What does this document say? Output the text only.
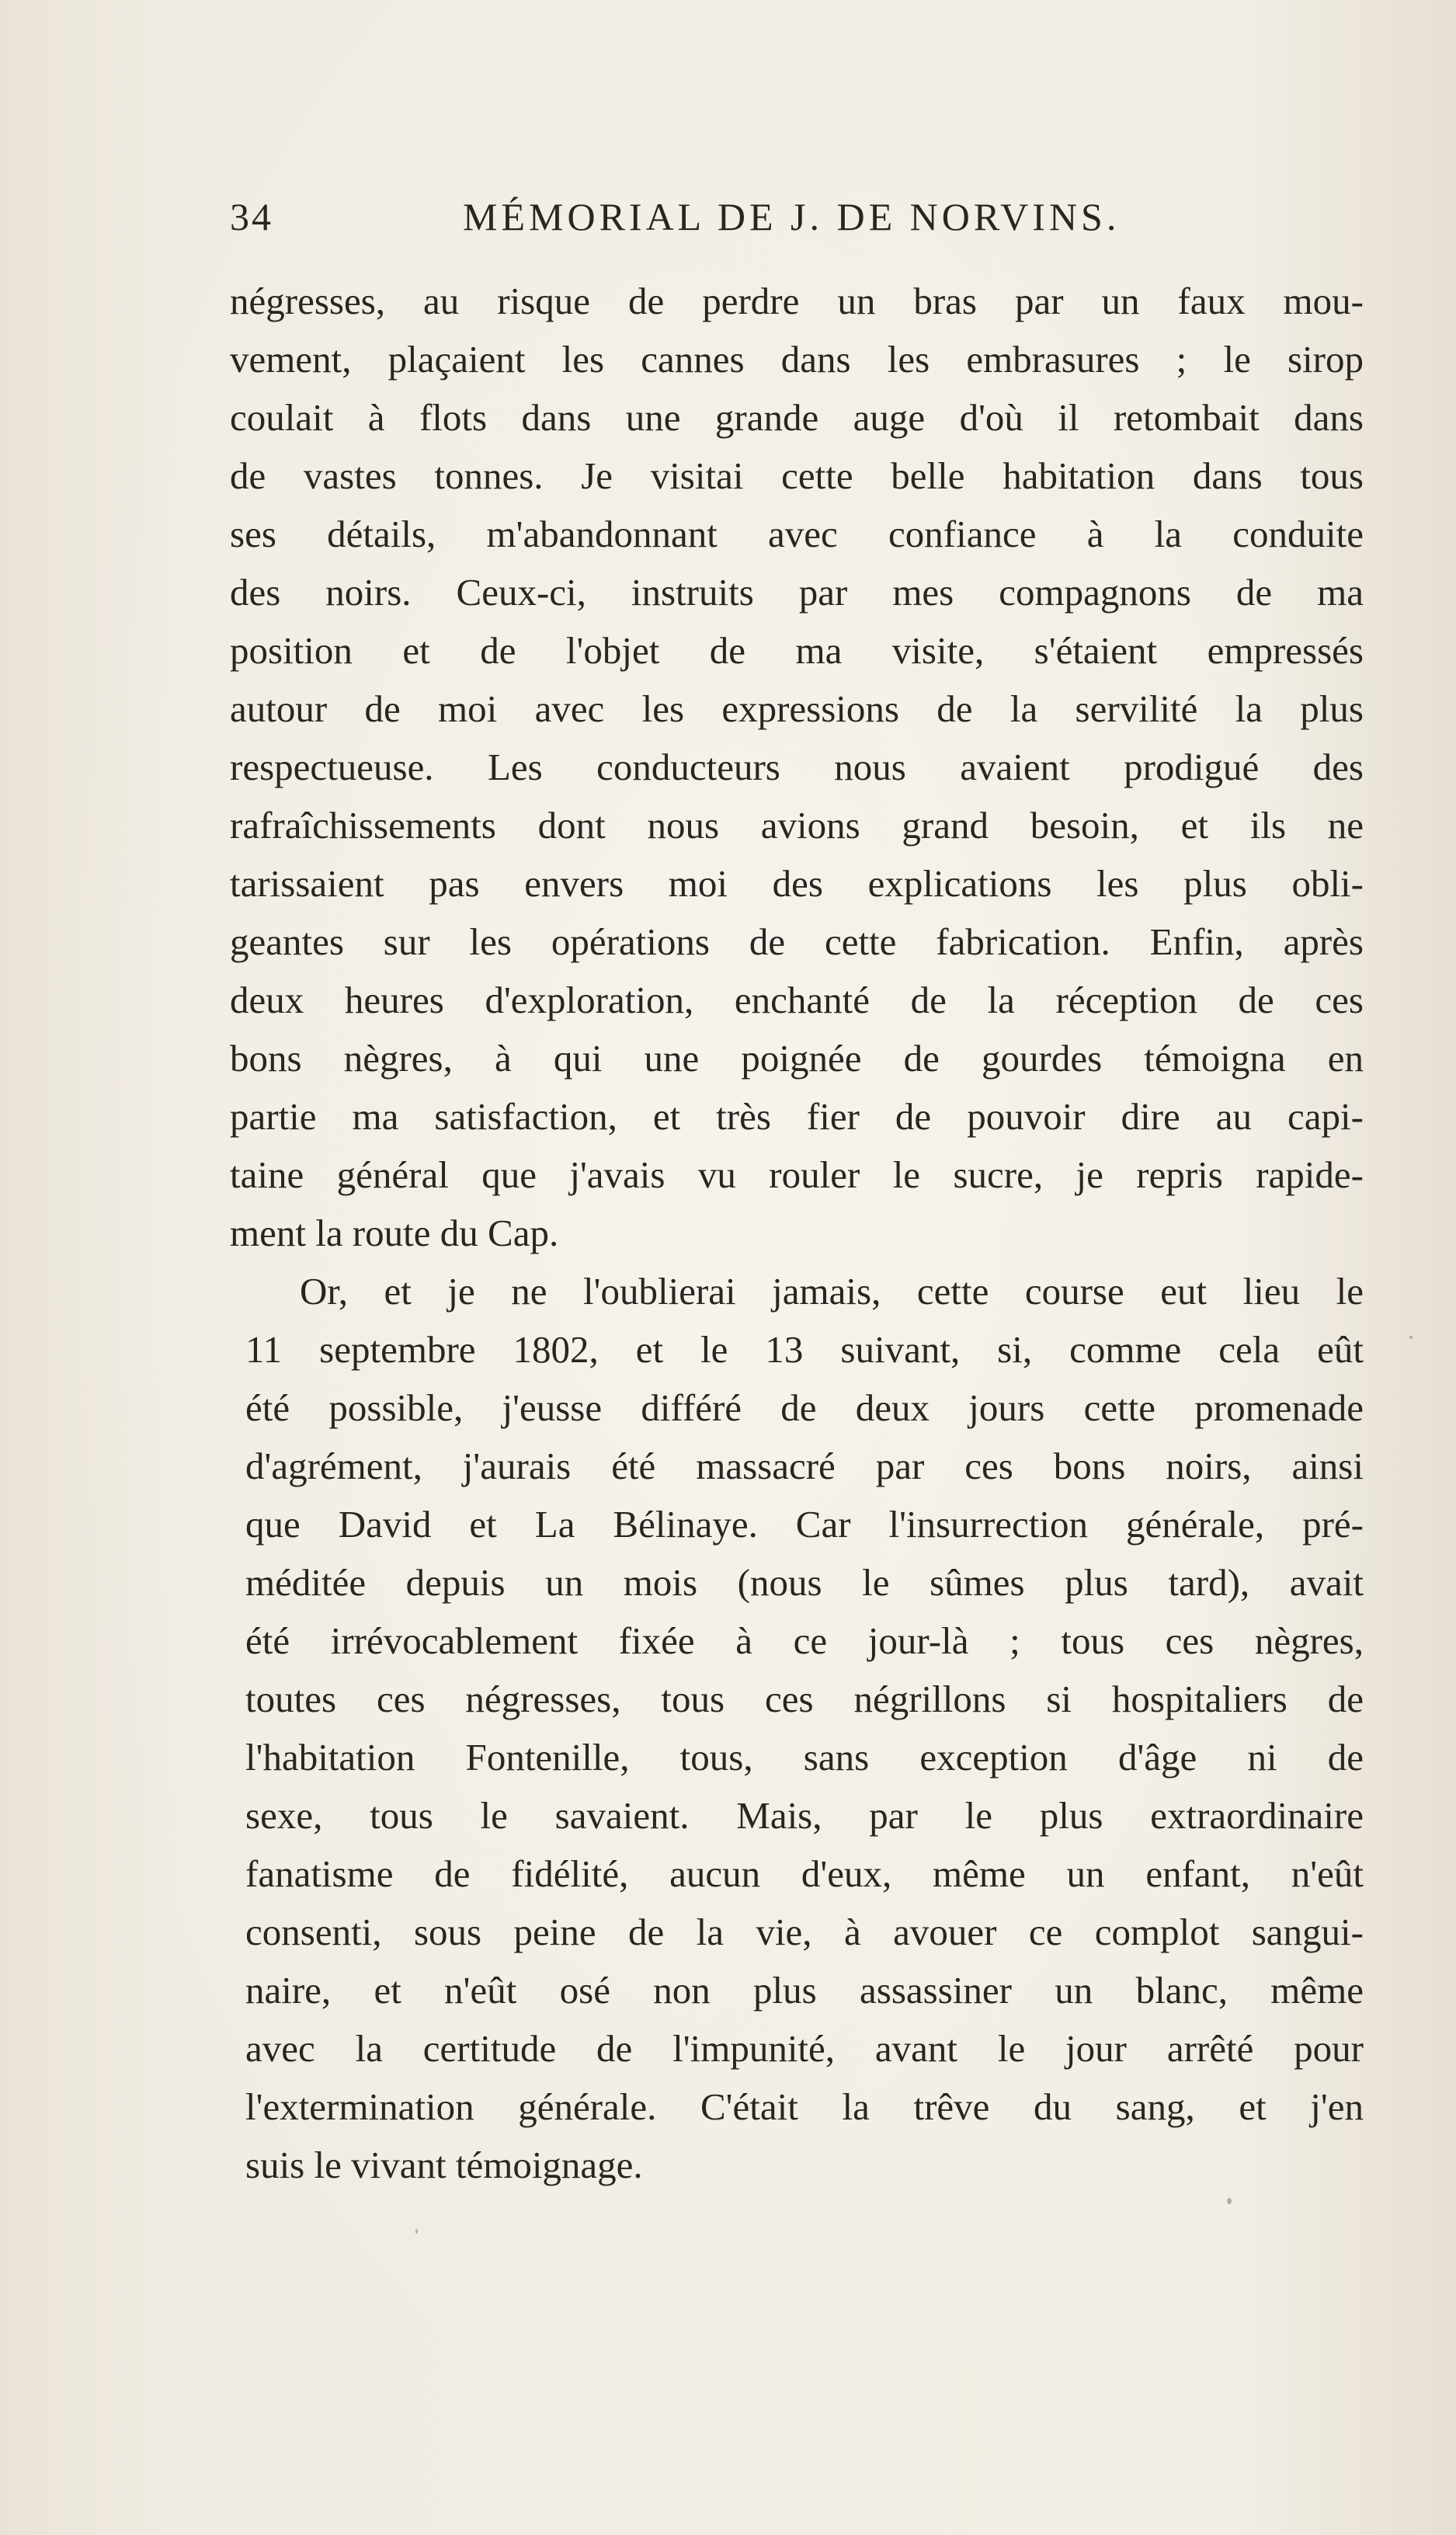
34	MÉMORIAL DE J. DE NORVINS.
négresses, au risque de perdre un bras par un faux mou-
vement, plaçaient les cannes dans les embrasures ; le sirop
coulait à flots dans une grande auge d'où il retombait dans
de vastes tonnes. Je visitai cette belle habitation dans tous
ses détails, m'abandonnant avec confiance à la conduite
des noirs. Ceux-ci, instruits par mes compagnons de ma
position et de l'objet de ma visite, s'étaient empressés
autour de moi avec les expressions de la servilité la plus
respectueuse. Les conducteurs nous avaient prodigué des
rafraîchissements dont nous avions grand besoin, et ils ne
tarissaient pas envers moi des explications les plus obli-
geantes sur les opérations de cette fabrication. Enfin, après
deux heures d'exploration, enchanté de la réception de ces
bons nègres, à qui une poignée de gourdes témoigna en
partie ma satisfaction, et très fier de pouvoir dire au capi-
taine général que j'avais vu rouler le sucre, je repris rapide-
ment la route du Cap.
Or, et je ne l'oublierai jamais, cette course eut lieu le
11 septembre 1802, et le 13 suivant, si, comme cela eût
été possible, j'eusse différé de deux jours cette promenade
d'agrément, j'aurais été massacré par ces bons noirs, ainsi
que David et La Bélinaye. Car l'insurrection générale, pré-
méditée depuis un mois (nous le sûmes plus tard), avait
été irrévocablement fixée à ce jour-là ; tous ces nègres,
toutes ces négresses, tous ces négrillons si hospitaliers de
l'habitation Fontenille, tous, sans exception d'âge ni de
sexe, tous le savaient. Mais, par le plus extraordinaire
fanatisme de fidélité, aucun d'eux, même un enfant, n'eût
consenti, sous peine de la vie, à avouer ce complot sangui-
naire, et n'eût osé non plus assassiner un blanc, même
avec la certitude de l'impunité, avant le jour arrêté pour
l'extermination générale. C'était la trêve du sang, et j'en
suis le vivant témoignage.
